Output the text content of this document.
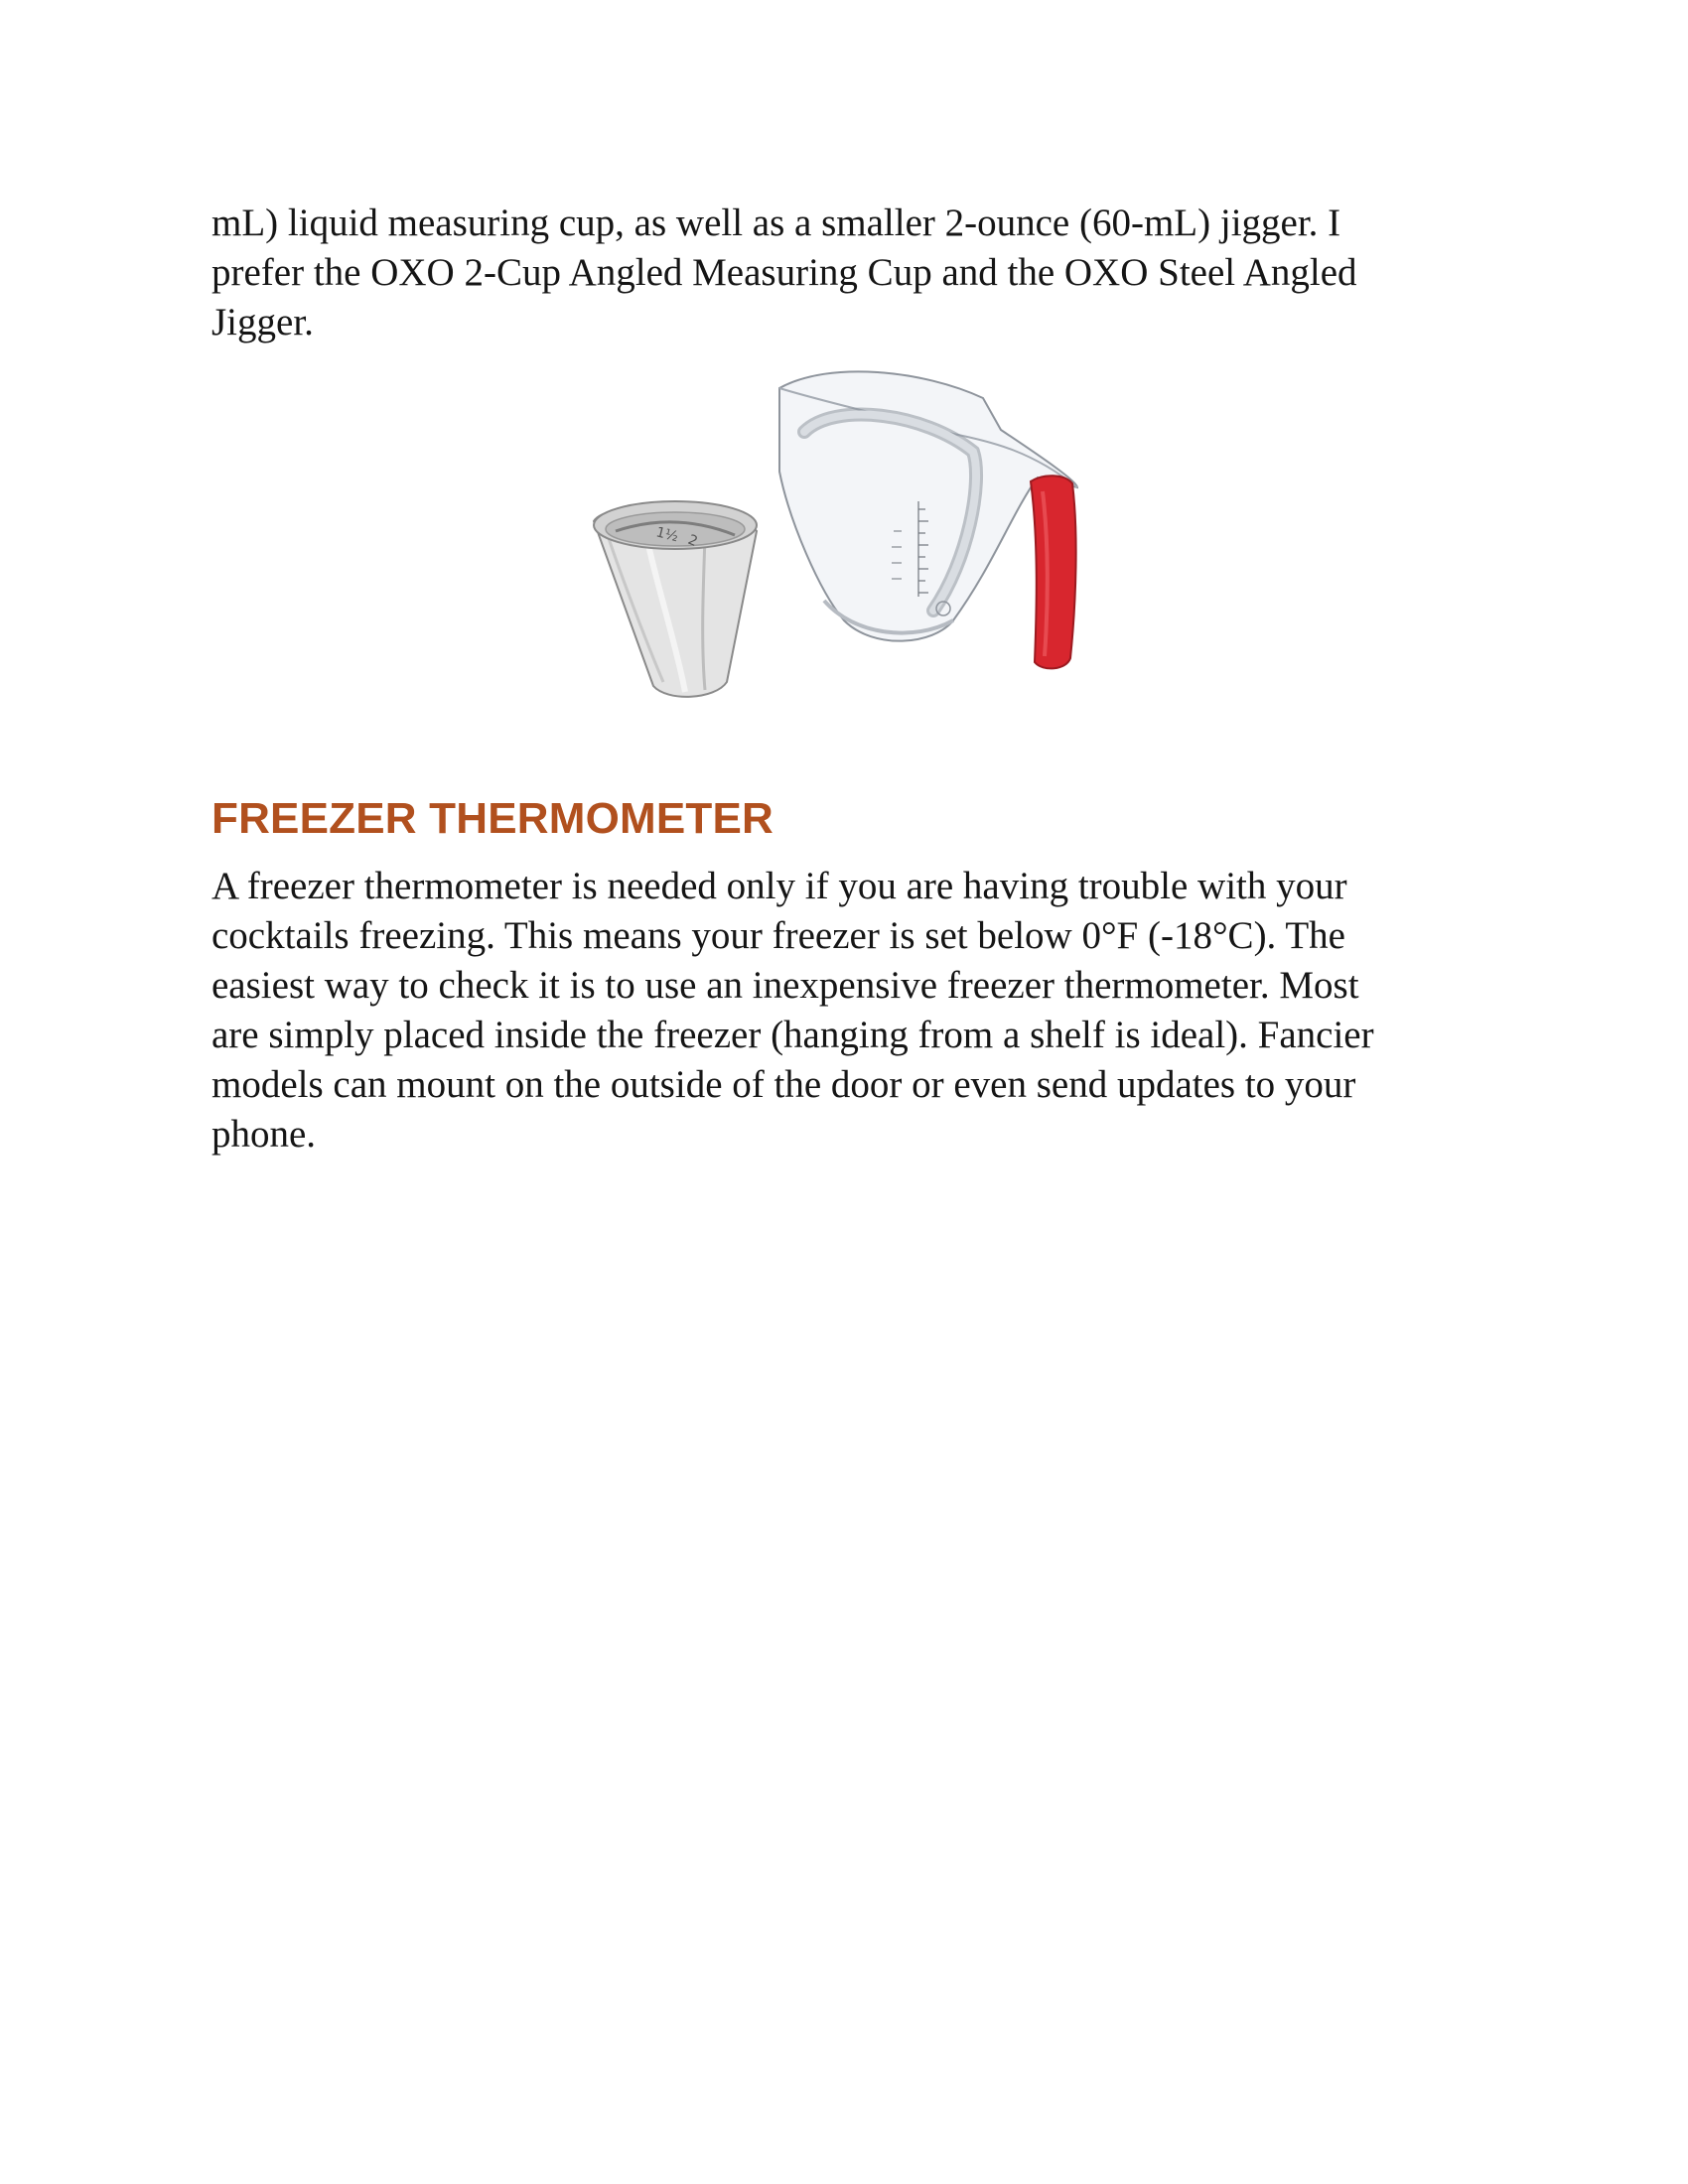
mL) liquid measuring cup, as well as a smaller 2-ounce (60-mL) jigger. I
prefer the OXO 2-Cup Angled Measuring Cup and the OXO Steel Angled
Jigger.

1½ 2
FREEZER THERMOMETER

A freezer thermometer is needed only if you are having trouble with your
cocktails freezing. This means your freezer is set below 0°F (-18°C). The
easiest way to check it is to use an inexpensive freezer thermometer. Most
are simply placed inside the freezer (hanging from a shelf is ideal). Fancier
models can mount on the outside of the door or even send updates to your
phone.
